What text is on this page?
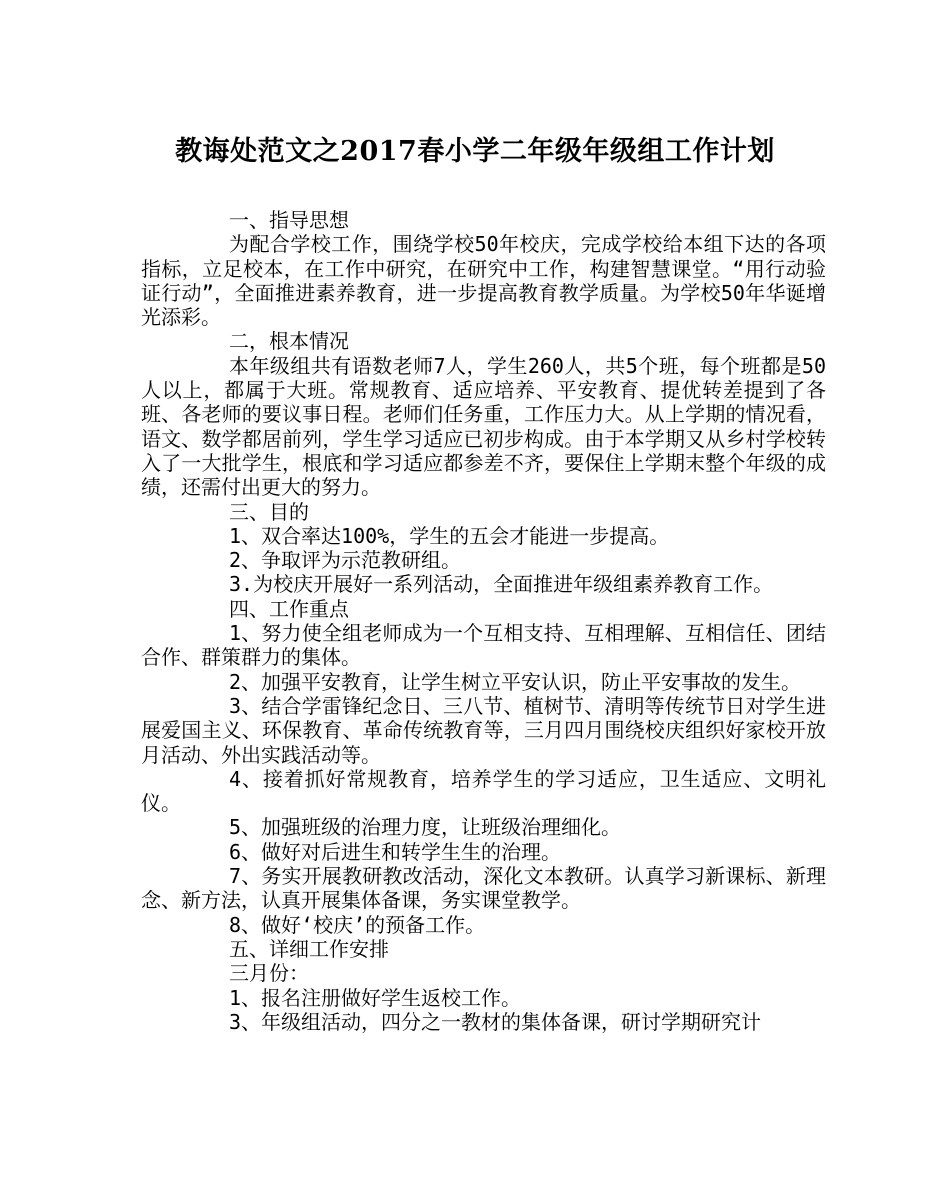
教诲处范文之2017春小学二年级年级组工作计划

一、指导思想

为配合学校工作，围绕学校50年校庆，完成学校给本组下达的各项指标，立足校本，在工作中研究，在研究中工作，构建智慧课堂。“用行动验证行动”，全面推进素养教育，进一步提高教育教学质量。为学校50年华诞增光添彩。

二，根本情况

本年级组共有语数老师7人，学生260人，共5个班，每个班都是50人以上，都属于大班。常规教育、适应培养、平安教育、提优转差提到了各班、各老师的要议事日程。老师们任务重，工作压力大。从上学期的情况看，语文、数学都居前列，学生学习适应已初步构成。由于本学期又从乡村学校转入了一大批学生，根底和学习适应都参差不齐，要保住上学期末整个年级的成绩，还需付出更大的努力。

三、目的

1、双合率达100%，学生的五会才能进一步提高。

2、争取评为示范教研组。

3.为校庆开展好一系列活动，全面推进年级组素养教育工作。

四、工作重点

1、努力使全组老师成为一个互相支持、互相理解、互相信任、团结合作、群策群力的集体。

2、加强平安教育，让学生树立平安认识，防止平安事故的发生。

3、结合学雷锋纪念日、三八节、植树节、清明等传统节日对学生进展爱国主义、环保教育、革命传统教育等，三月四月围绕校庆组织好家校开放月活动、外出实践活动等。

4、接着抓好常规教育，培养学生的学习适应，卫生适应、文明礼仪。

5、加强班级的治理力度，让班级治理细化。

6、做好对后进生和转学生生的治理。

7、务实开展教研教改活动，深化文本教研。认真学习新课标、新理念、新方法，认真开展集体备课，务实课堂教学。

8、做好‘校庆’的预备工作。

五、详细工作安排

三月份：

1、报名注册做好学生返校工作。

3、年级组活动，四分之一教材的集体备课，研讨学期研究计
